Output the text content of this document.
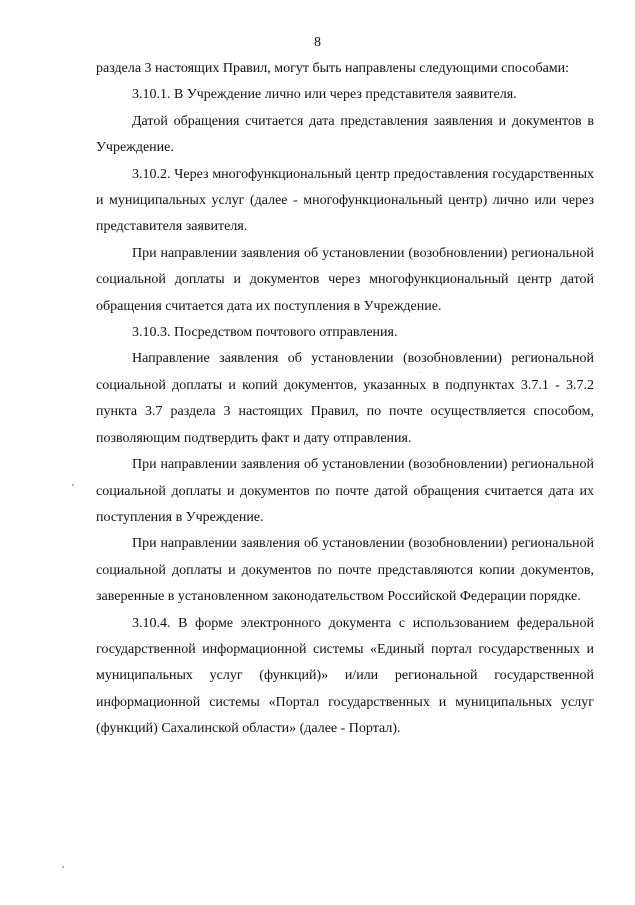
8

раздела 3 настоящих Правил, могут быть направлены следующими способами:

3.10.1. В Учреждение лично или через представителя заявителя.

Датой обращения считается дата представления заявления и документов в Учреждение.

3.10.2. Через многофункциональный центр предоставления государственных и муниципальных услуг (далее - многофункциональный центр) лично или через представителя заявителя.

При направлении заявления об установлении (возобновлении) региональной социальной доплаты и документов через многофункциональный центр датой обращения считается дата их поступления в Учреждение.

3.10.3. Посредством почтового отправления.

Направление заявления об установлении (возобновлении) региональной социальной доплаты и копий документов, указанных в подпунктах 3.7.1 - 3.7.2 пункта 3.7 раздела 3 настоящих Правил, по почте осуществляется способом, позволяющим подтвердить факт и дату отправления.

При направлении заявления об установлении (возобновлении) региональной социальной доплаты и документов по почте датой обращения считается дата их поступления в Учреждение.

При направлении заявления об установлении (возобновлении) региональной социальной доплаты и документов по почте представляются копии документов, заверенные в установленном законодательством Российской Федерации порядке.

3.10.4. В форме электронного документа с использованием федеральной государственной информационной системы «Единый портал государственных и муниципальных услуг (функций)» и/или региональной государственной информационной системы «Портал государственных и муниципальных услуг (функций) Сахалинской области» (далее - Портал).
